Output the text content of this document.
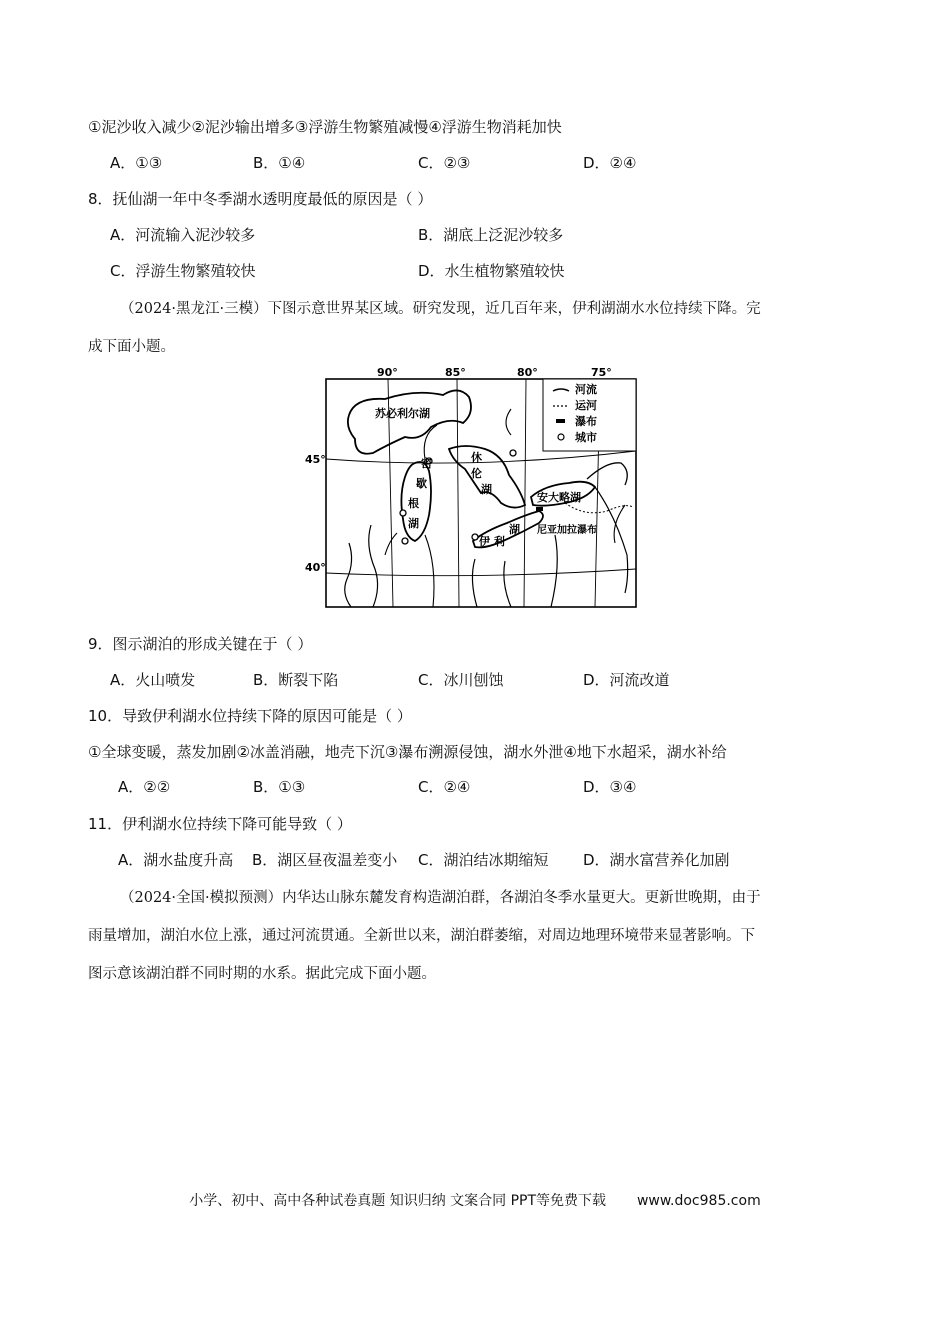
①泥沙收入减少②泥沙输出增多③浮游生物繁殖减慢④浮游生物消耗加快
A．①③	B．①④	C．②③	D．②④
8．抚仙湖一年中冬季湖水透明度最低的原因是（ ）
A．河流输入泥沙较多	B．湖底上泛泥沙较多
C．浮游生物繁殖较快	D．水生植物繁殖较快
（2024·黑龙江·三模）下图示意世界某区域。研究发现，近几百年来，伊利湖湖水水位持续下降。完
成下面小题。
90°	85°	80°	75°
45°
40°
河流
运河
瀑布
城市
苏必利尔湖
密
歇
根
湖
休
伦
湖
安大略湖
湖
伊 利
尼亚加拉瀑布
9．图示湖泊的形成关键在于（ ）
A．火山喷发	B．断裂下陷	C．冰川刨蚀	D．河流改道
10．导致伊利湖水位持续下降的原因可能是（ ）
①全球变暖，蒸发加剧②冰盖消融，地壳下沉③瀑布溯源侵蚀，湖水外泄④地下水超采，湖水补给
A．②②	B．①③	C．②④	D．③④
11．伊利湖水位持续下降可能导致（ ）
A．湖水盐度升高 B．湖区昼夜温差变小 C．湖泊结冰期缩短 D．湖水富营养化加剧
（2024·全国·模拟预测）内华达山脉东麓发育构造湖泊群，各湖泊冬季水量更大。更新世晚期，由于
雨量增加，湖泊水位上涨，通过河流贯通。全新世以来，湖泊群萎缩，对周边地理环境带来显著影响。下
图示意该湖泊群不同时期的水系。据此完成下面小题。
小学、初中、高中各种试卷真题 知识归纳 文案合同 PPT等免费下载 www.doc985.com
